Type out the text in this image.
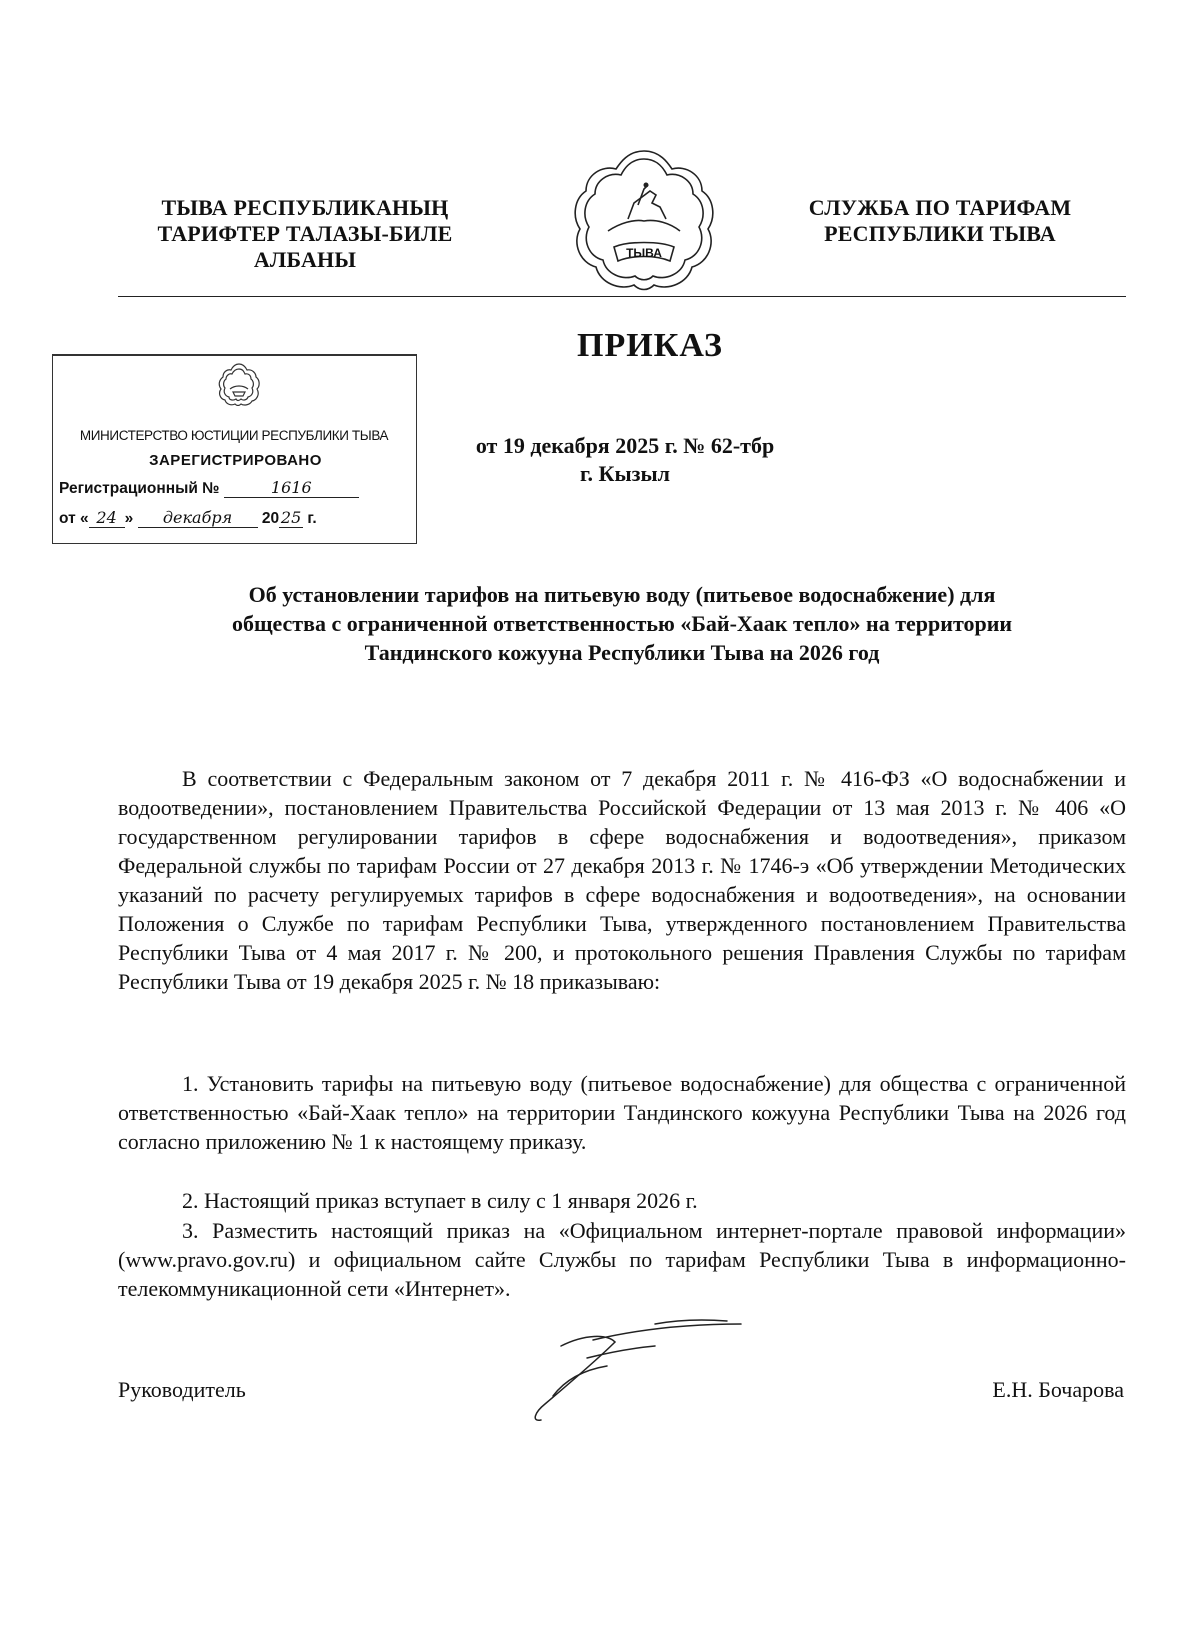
ТЫВА РЕСПУБЛИКАНЫҢ
ТАРИФТЕР ТАЛАЗЫ-БИЛЕ
АЛБАНЫ	ТЫВА
СЛУЖБА ПО ТАРИФАМ
РЕСПУБЛИКИ ТЫВА
ПРИКАЗ
МИНИСТЕРСТВО ЮСТИЦИИ РЕСПУБЛИКИ ТЫВА
ЗАРЕГИСТРИРОВАНО
Регистрационный №	1616
от « 24 » декабря 20 25 г.
от 19 декабря 2025 г. № 62-тбр
г. Кызыл
Об установлении тарифов на питьевую воду (питьевое водоснабжение) для
общества с ограниченной ответственностью «Бай-Хаак тепло» на территории
Тандинского кожууна Республики Тыва на 2026 год

В соответствии с Федеральным законом от 7 декабря 2011 г. № 416-ФЗ «О водоснабжении и водоотведении», постановлением Правительства Российской Федерации от 13 мая 2013 г. № 406 «О государственном регулировании тарифов в сфере водоснабжения и водоотведения», приказом Федеральной службы по тарифам России от 27 декабря 2013 г. № 1746-э «Об утверждении Методических указаний по расчету регулируемых тарифов в сфере водоснабжения и водоотведения», на основании Положения о Службе по тарифам Республики Тыва, утвержденного постановлением Правительства Республики Тыва от 4 мая 2017 г. № 200, и протокольного решения Правления Службы по тарифам Республики Тыва от 19 декабря 2025 г. № 18 приказываю:

1. Установить тарифы на питьевую воду (питьевое водоснабжение) для общества с ограниченной ответственностью «Бай-Хаак тепло» на территории Тандинского кожууна Республики Тыва на 2026 год согласно приложению № 1 к настоящему приказу.

2. Настоящий приказ вступает в силу с 1 января 2026 г.

3. Разместить настоящий приказ на «Официальном интернет-портале правовой информации» (www.pravo.gov.ru) и официальном сайте Службы по тарифам Республики Тыва в информационно-телекоммуникационной сети «Интернет».

Руководитель	Е.Н. Бочарова
